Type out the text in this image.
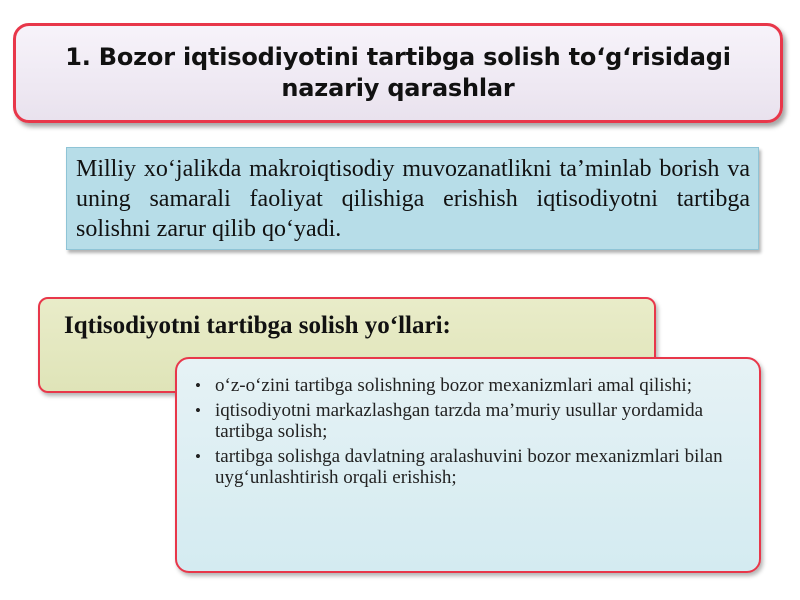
1. Bozor iqtisodiyotini tartibga solish to‘g‘risidagi nazariy qarashlar

Milliy xo‘jalikda makroiqtisodiy muvozanatlikni ta’minlab borish va uning samarali faoliyat qilishiga erishish iqtisodiyotni tartibga solishni zarur qilib qo‘yadi.

Iqtisodiyotni tartibga solish yo‘llari:
• o‘z-o‘zini tartibga solishning bozor mexanizmlari amal qilishi;
• iqtisodiyotni markazlashgan tarzda ma’muriy usullar yordamida tartibga solish;
• tartibga solishga davlatning aralashuvini bozor mexanizmlari bilan uyg‘unlashtirish orqali erishish;
